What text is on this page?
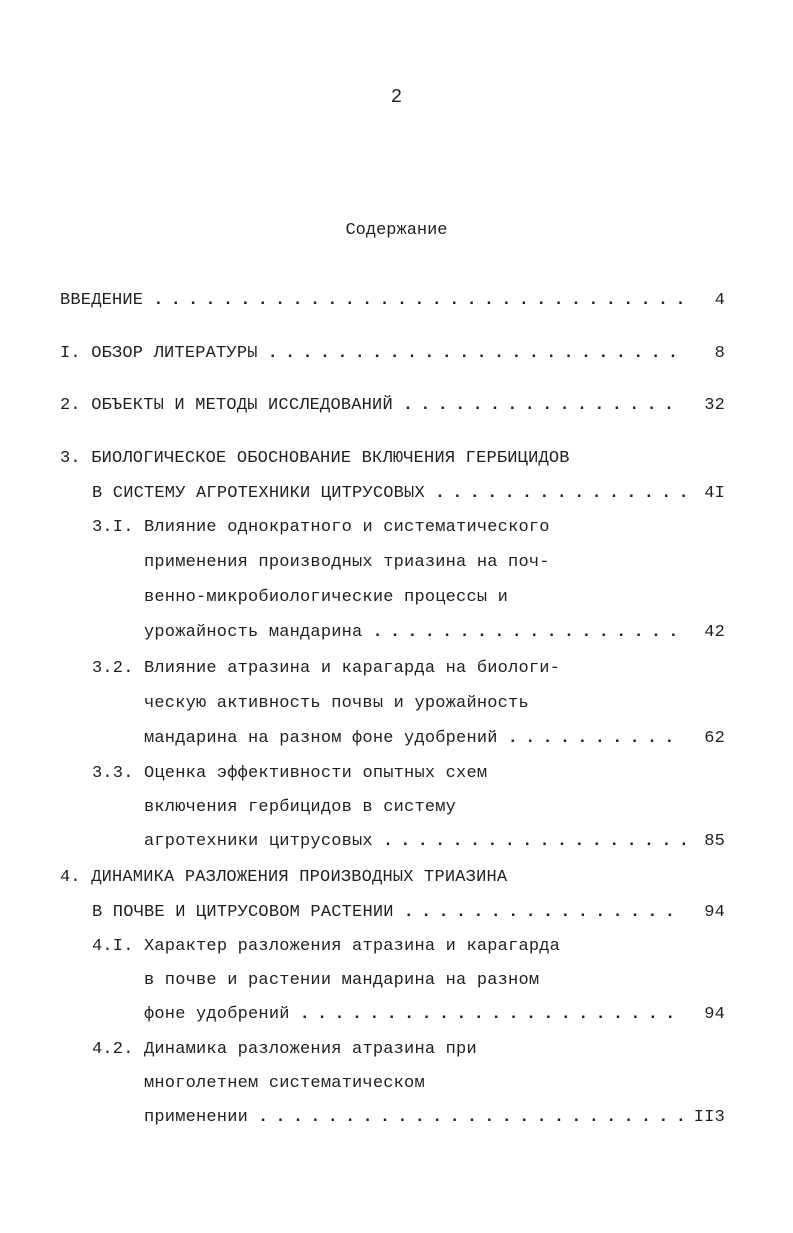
2
Содержание
ВВЕДЕНИЕ . . .	4
I. ОБЗОР ЛИТЕРАТУРЫ . . .	8
2. ОБЪЕКТЫ И МЕТОДЫ ИССЛЕДОВАНИЙ . . .	32
3. БИОЛОГИЧЕСКОЕ ОБОСНОВАНИЕ ВКЛЮЧЕНИЯ ГЕРБИЦИДОВ
В СИСТЕМУ АГРОТЕХНИКИ ЦИТРУСОВЫХ . . .	4I
3.I. Влияние однократного и систематического
применения производных триазина на поч-
венно-микробиологические процессы и
урожайность мандарина . . .	42
3.2. Влияние атразина и карагарда на биологи-
ческую активность почвы и урожайность
мандарина на разном фоне удобрений . . .	62
3.3. Оценка эффективности опытных схем
включения гербицидов в систему
агротехники цитрусовых . . .	85
4. ДИНАМИКА РАЗЛОЖЕНИЯ ПРОИЗВОДНЫХ ТРИАЗИНА
В ПОЧВЕ И ЦИТРУСОВОМ РАСТЕНИИ . . .	94
4.I. Характер разложения атразина и карагарда
в почве и растении мандарина на разном
фоне удобрений . . .	94
4.2. Динамика разложения атразина при
многолетнем систематическом
применении . . .	II3
